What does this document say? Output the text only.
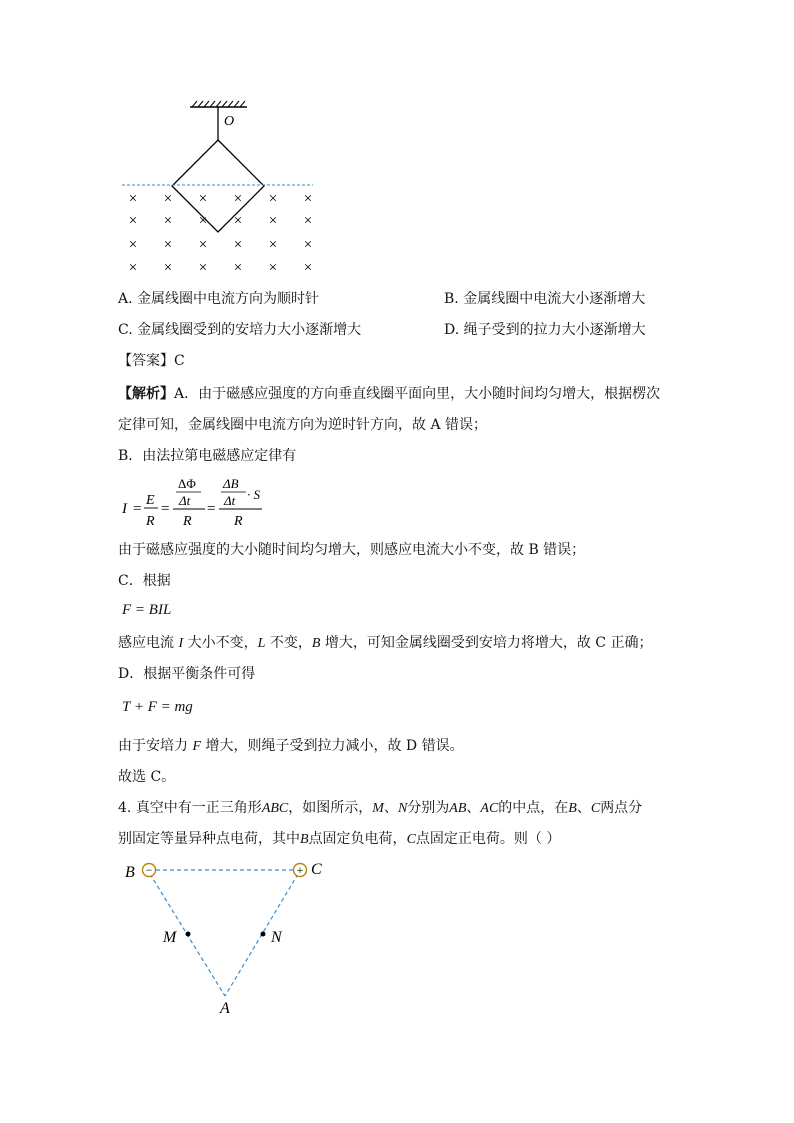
O
× × × × × ×
× × × × × ×
× × × × × ×
× × × × × ×
A. 金属线圈中电流方向为顺时针	B. 金属线圈中电流大小逐渐增大
C. 金属线圈受到的安培力大小逐渐增大	D. 绳子受到的拉力大小逐渐增大
【答案】C
【解析】A．由于磁感应强度的方向垂直线圈平面向里，大小随时间均匀增大，根据楞次
定律可知，金属线圈中电流方向为逆时针方向，故 A 错误；
B．由法拉第电磁感应定律有
I =
E
R
=
ΔΦ
Δt
R
=
ΔB
Δt · S
R
由于磁感应强度的大小随时间均匀增大，则感应电流大小不变，故 B 错误；
C．根据
F = BIL
感应电流 I 大小不变，L 不变，B 增大，可知金属线圈受到安培力将增大，故 C 正确；
D．根据平衡条件可得
T + F = mg
由于安培力 F 增大，则绳子受到拉力减小，故 D 错误。
故选 C。
4. 真空中有一正三角形ABC，如图所示，M、N分别为AB、AC的中点，在B、C两点分
别固定等量异种点电荷，其中B点固定负电荷，C点固定正电荷。则（ ）
−	+
B	C
M	N
A
